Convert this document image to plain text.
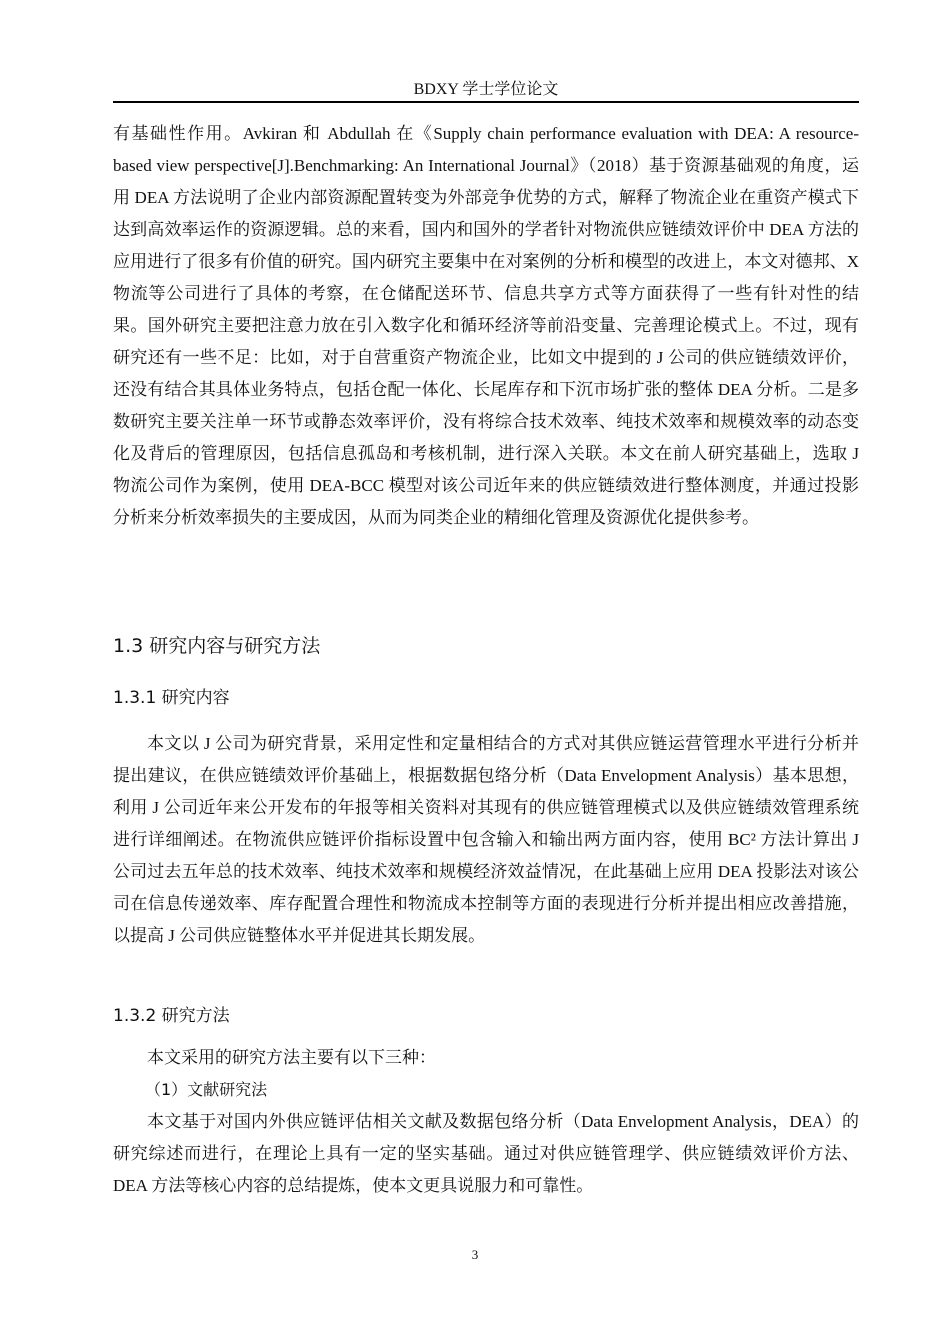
BDXY 学士学位论文

有基础性作用。Avkiran 和 Abdullah 在《Supply chain performance evaluation with DEA: A resource-based view perspective[J].Benchmarking: An International Journal》（2018）基于资源基础观的角度，运用 DEA 方法说明了企业内部资源配置转变为外部竞争优势的方式，解释了物流企业在重资产模式下达到高效率运作的资源逻辑。总的来看，国内和国外的学者针对物流供应链绩效评价中 DEA 方法的应用进行了很多有价值的研究。国内研究主要集中在对案例的分析和模型的改进上，本文对德邦、X 物流等公司进行了具体的考察，在仓储配送环节、信息共享方式等方面获得了一些有针对性的结果。国外研究主要把注意力放在引入数字化和循环经济等前沿变量、完善理论模式上。不过，现有研究还有一些不足：比如，对于自营重资产物流企业，比如文中提到的 J 公司的供应链绩效评价，还没有结合其具体业务特点，包括仓配一体化、长尾库存和下沉市场扩张的整体 DEA 分析。二是多数研究主要关注单一环节或静态效率评价，没有将综合技术效率、纯技术效率和规模效率的动态变化及背后的管理原因，包括信息孤岛和考核机制，进行深入关联。本文在前人研究基础上，选取 J 物流公司作为案例，使用 DEA-BCC 模型对该公司近年来的供应链绩效进行整体测度，并通过投影分析来分析效率损失的主要成因，从而为同类企业的精细化管理及资源优化提供参考。

1.3 研究内容与研究方法
1.3.1 研究内容

本文以 J 公司为研究背景，采用定性和定量相结合的方式对其供应链运营管理水平进行分析并提出建议，在供应链绩效评价基础上，根据数据包络分析（Data Envelopment Analysis）基本思想，利用 J 公司近年来公开发布的年报等相关资料对其现有的供应链管理模式以及供应链绩效管理系统进行详细阐述。在物流供应链评价指标设置中包含输入和输出两方面内容，使用 BC² 方法计算出 J 公司过去五年总的技术效率、纯技术效率和规模经济效益情况，在此基础上应用 DEA 投影法对该公司在信息传递效率、库存配置合理性和物流成本控制等方面的表现进行分析并提出相应改善措施，以提高 J 公司供应链整体水平并促进其长期发展。

1.3.2 研究方法

本文采用的研究方法主要有以下三种：

（1）文献研究法

本文基于对国内外供应链评估相关文献及数据包络分析（Data Envelopment Analysis，DEA）的研究综述而进行，在理论上具有一定的坚实基础。通过对供应链管理学、供应链绩效评价方法、DEA 方法等核心内容的总结提炼，使本文更具说服力和可靠性。

3
